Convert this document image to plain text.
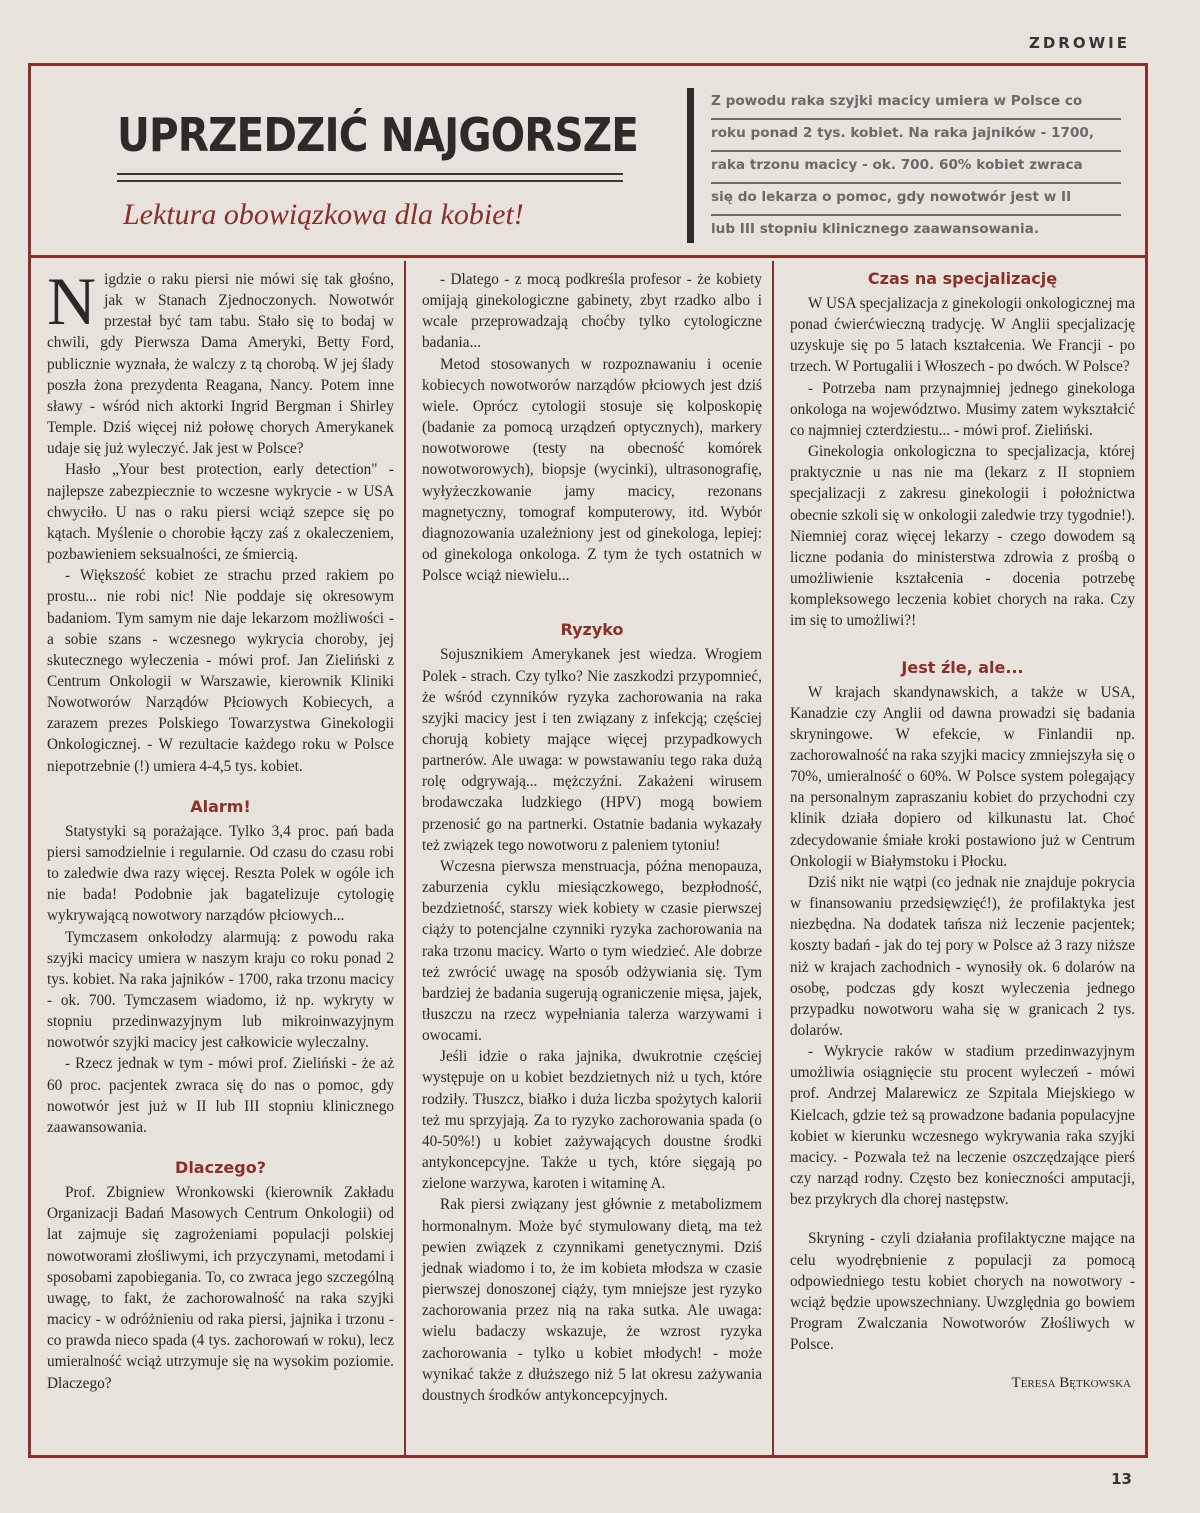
ZDROWIE
UPRZEDZIĆ NAJGORSZE
Lektura obowiązkowa dla kobiet!
Z powodu raka szyjki macicy umiera w Polsce co
roku ponad 2 tys. kobiet. Na raka jajników - 1700,
raka trzonu macicy - ok. 700. 60% kobiet zwraca
się do lekarza o pomoc, gdy nowotwór jest w II
lub III stopniu klinicznego zaawansowania.

Nigdzie o raku piersi nie mówi się tak głośno, jak w Stanach Zjednoczonych. Nowotwór przestał być tam tabu. Stało się to bodaj w chwili, gdy Pierwsza Dama Ameryki, Betty Ford, publicznie wyznała, że walczy z tą chorobą. W jej ślady poszła żona prezydenta Reagana, Nancy. Potem inne sławy - wśród nich aktorki Ingrid Bergman i Shirley Temple. Dziś więcej niż połowę chorych Amerykanek udaje się już wyleczyć. Jak jest w Polsce?

Hasło „Your best protection, early detection" - najlepsze zabezpiecznie to wczesne wykrycie - w USA chwyciło. U nas o raku piersi wciąż szepce się po kątach. Myślenie o chorobie łączy zaś z okaleczeniem, pozbawieniem seksualności, ze śmiercią.

- Większość kobiet ze strachu przed rakiem po prostu... nie robi nic! Nie poddaje się okresowym badaniom. Tym samym nie daje lekarzom możliwości - a sobie szans - wczesnego wykrycia choroby, jej skutecznego wyleczenia - mówi prof. Jan Zieliński z Centrum Onkologii w Warszawie, kierownik Kliniki Nowotworów Narządów Płciowych Kobiecych, a zarazem prezes Polskiego Towarzystwa Ginekologii Onkologicznej. - W rezultacie każdego roku w Polsce niepotrzebnie (!) umiera 4-4,5 tys. kobiet.

Alarm!

Statystyki są porażające. Tylko 3,4 proc. pań bada piersi samodzielnie i regularnie. Od czasu do czasu robi to zaledwie dwa razy więcej. Reszta Polek w ogóle ich nie bada! Podobnie jak bagatelizuje cytologię wykrywającą nowotwory narządów płciowych...

Tymczasem onkolodzy alarmują: z powodu raka szyjki macicy umiera w naszym kraju co roku ponad 2 tys. kobiet. Na raka jajników - 1700, raka trzonu macicy - ok. 700. Tymczasem wiadomo, iż np. wykryty w stopniu przedinwazyjnym lub mikroinwazyjnym nowotwór szyjki macicy jest całkowicie wyleczalny.

- Rzecz jednak w tym - mówi prof. Zieliński - że aż 60 proc. pacjentek zwraca się do nas o pomoc, gdy nowotwór jest już w II lub III stopniu klinicznego zaawansowania.

Dlaczego?

Prof. Zbigniew Wronkowski (kierownik Zakładu Organizacji Badań Masowych Centrum Onkologii) od lat zajmuje się zagrożeniami populacji polskiej nowotworami złośliwymi, ich przyczynami, metodami i sposobami zapobiegania. To, co zwraca jego szczególną uwagę, to fakt, że zachorowalność na raka szyjki macicy - w odróżnieniu od raka piersi, jajnika i trzonu - co prawda nieco spada (4 tys. zachorowań w roku), lecz umieralność wciąż utrzymuje się na wysokim poziomie. Dlaczego?

- Dlatego - z mocą podkreśla profesor - że kobiety omijają ginekologiczne gabinety, zbyt rzadko albo i wcale przeprowadzają choćby tylko cytologiczne badania...

Metod stosowanych w rozpoznawaniu i ocenie kobiecych nowotworów narządów płciowych jest dziś wiele. Oprócz cytologii stosuje się kolposkopię (badanie za pomocą urządzeń optycznych), markery nowotworowe (testy na obecność komórek nowotworowych), biopsje (wycinki), ultrasonografię, wyłyżeczkowanie jamy macicy, rezonans magnetyczny, tomograf komputerowy, itd. Wybór diagnozowania uzależniony jest od ginekologa, lepiej: od ginekologa onkologa. Z tym że tych ostatnich w Polsce wciąż niewielu...

Ryzyko

Sojusznikiem Amerykanek jest wiedza. Wrogiem Polek - strach. Czy tylko? Nie zaszkodzi przypomnieć, że wśród czynników ryzyka zachorowania na raka szyjki macicy jest i ten związany z infekcją; częściej chorują kobiety mające więcej przypadkowych partnerów. Ale uwaga: w powstawaniu tego raka dużą rolę odgrywają... mężczyźni. Zakażeni wirusem brodawczaka ludzkiego (HPV) mogą bowiem przenosić go na partnerki. Ostatnie badania wykazały też związek tego nowotworu z paleniem tytoniu!

Wczesna pierwsza menstruacja, późna menopauza, zaburzenia cyklu miesiączkowego, bezpłodność, bezdzietność, starszy wiek kobiety w czasie pierwszej ciąży to potencjalne czynniki ryzyka zachorowania na raka trzonu macicy. Warto o tym wiedzieć. Ale dobrze też zwrócić uwagę na sposób odżywiania się. Tym bardziej że badania sugerują ograniczenie mięsa, jajek, tłuszczu na rzecz wypełniania talerza warzywami i owocami.

Jeśli idzie o raka jajnika, dwukrotnie częściej występuje on u kobiet bezdzietnych niż u tych, które rodziły. Tłuszcz, białko i duża liczba spożytych kalorii też mu sprzyjają. Za to ryzyko zachorowania spada (o 40-50%!) u kobiet zażywających doustne środki antykoncepcyjne. Także u tych, które sięgają po zielone warzywa, karoten i witaminę A.

Rak piersi związany jest głównie z metabolizmem hormonalnym. Może być stymulowany dietą, ma też pewien związek z czynnikami genetycznymi. Dziś jednak wiadomo i to, że im kobieta młodsza w czasie pierwszej donoszonej ciąży, tym mniejsze jest ryzyko zachorowania przez nią na raka sutka. Ale uwaga: wielu badaczy wskazuje, że wzrost ryzyka zachorowania - tylko u kobiet młodych! - może wynikać także z dłuższego niż 5 lat okresu zażywania doustnych środków antykoncepcyjnych.

Czas na specjalizację

W USA specjalizacja z ginekologii onkologicznej ma ponad ćwierćwieczną tradycję. W Anglii specjalizację uzyskuje się po 5 latach kształcenia. We Francji - po trzech. W Portugalii i Włoszech - po dwóch. W Polsce?

- Potrzeba nam przynajmniej jednego ginekologa onkologa na województwo. Musimy zatem wykształcić co najmniej czterdziestu... - mówi prof. Zieliński.

Ginekologia onkologiczna to specjalizacja, której praktycznie u nas nie ma (lekarz z II stopniem specjalizacji z zakresu ginekologii i położnictwa obecnie szkoli się w onkologii zaledwie trzy tygodnie!). Niemniej coraz więcej lekarzy - czego dowodem są liczne podania do ministerstwa zdrowia z prośbą o umożliwienie kształcenia - docenia potrzebę kompleksowego leczenia kobiet chorych na raka. Czy im się to umożliwi?!

Jest źle, ale...

W krajach skandynawskich, a także w USA, Kanadzie czy Anglii od dawna prowadzi się badania skryningowe. W efekcie, w Finlandii np. zachorowalność na raka szyjki macicy zmniejszyła się o 70%, umieralność o 60%. W Polsce system polegający na personalnym zapraszaniu kobiet do przychodni czy klinik działa dopiero od kilkunastu lat. Choć zdecydowanie śmiałe kroki postawiono już w Centrum Onkologii w Białymstoku i Płocku.

Dziś nikt nie wątpi (co jednak nie znajduje pokrycia w finansowaniu przedsięwzięć!), że profilaktyka jest niezbędna. Na dodatek tańsza niż leczenie pacjentek; koszty badań - jak do tej pory w Polsce aż 3 razy niższe niż w krajach zachodnich - wynosiły ok. 6 dolarów na osobę, podczas gdy koszt wyleczenia jednego przypadku nowotworu waha się w granicach 2 tys. dolarów.

- Wykrycie raków w stadium przedinwazyjnym umożliwia osiągnięcie stu procent wyleczeń - mówi prof. Andrzej Malarewicz ze Szpitala Miejskiego w Kielcach, gdzie też są prowadzone badania populacyjne kobiet w kierunku wczesnego wykrywania raka szyjki macicy. - Pozwala też na leczenie oszczędzające pierś czy narząd rodny. Często bez konieczności amputacji, bez przykrych dla chorej następstw.

Skryning - czyli działania profilaktyczne mające na celu wyodrębnienie z populacji za pomocą odpowiedniego testu kobiet chorych na nowotwory - wciąż będzie upowszechniany. Uwzględnia go bowiem Program Zwalczania Nowotworów Złośliwych w Polsce.

Teresa Bętkowska
13
